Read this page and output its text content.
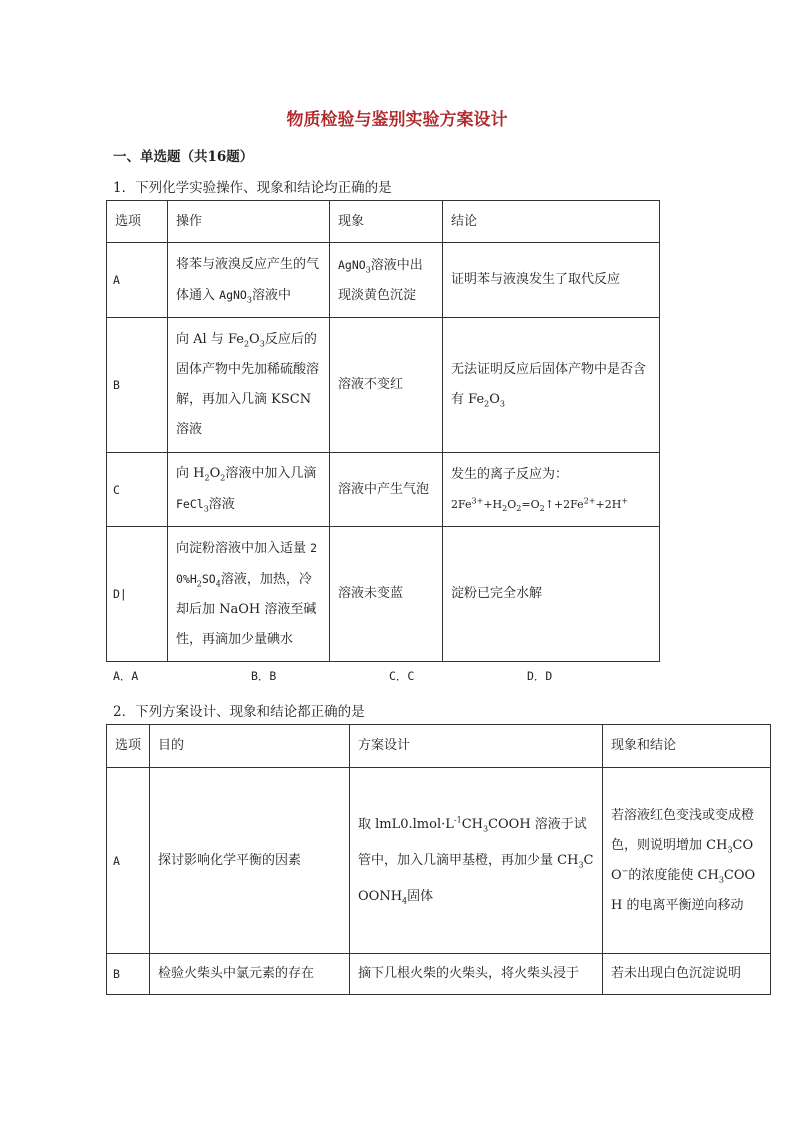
物质检验与鉴别实验方案设计
一、单选题（共16题）
1．下列化学实验操作、现象和结论均正确的是
选项	操作	现象	结论
A	将苯与液溴反应产生的气体通入 AgNO$_3$溶液中	AgNO$_3$溶液中出现淡黄色沉淀	证明苯与液溴发生了取代反应
B	向 Al 与 $Fe_2O_3$反应后的固体产物中先加稀硫酸溶解，再加入几滴 KSCN 溶液	溶液不变红	无法证明反应后固体产物中是否含有 $Fe_2O_3$
C	向 $H_2O_2$溶液中加入几滴 FeCl$_3$溶液	溶液中产生气泡	发生的离子反应为：
$2Fe^{3+}+H_2O_2=O_2↑+2Fe^{2+}+2H^+$

D|	向淀粉溶液中加入适量 $20\%H_2SO_4$溶液，加热，冷却后加 NaOH 溶液至碱性，再滴加少量碘水	溶液未变蓝	淀粉已完全水解
A．A	B．B	C．C	D．D
2．下列方案设计、现象和结论都正确的是
选项	目的	方案设计	现象和结论
A	探讨影响化学平衡的因素	取 $lmL0.lmol\cdot L^{-1}CH_3COOH$ 溶液于试管中，加入几滴甲基橙，再加少量 $CH_3COONH_4$固体	若溶液红色变浅或变成橙色，则说明增加 $CH_3COO^-$的浓度能使 $CH_3COOH$ 的电离平衡逆向移动
B	检验火柴头中氯元素的存在	摘下几根火柴的火柴头，将火柴头浸于	若未出现白色沉淀说明
